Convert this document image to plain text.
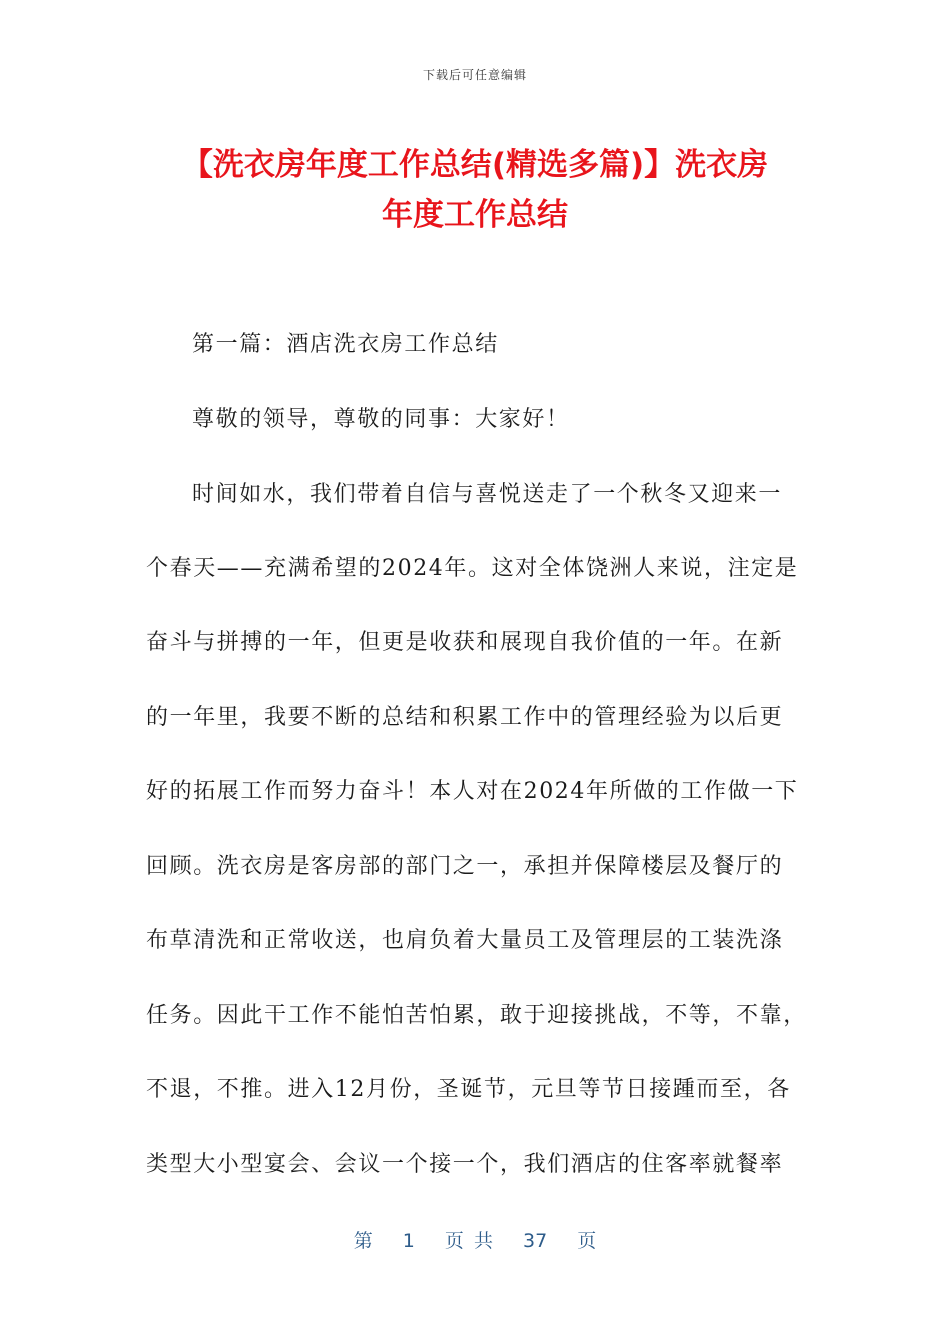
下载后可任意编辑
【洗衣房年度工作总结(精选多篇)】洗衣房
年度工作总结
第一篇：酒店洗衣房工作总结
尊敬的领导，尊敬的同事：大家好！
时间如水，我们带着自信与喜悦送走了一个秋冬又迎来一
个春天——充满希望的2024年。这对全体饶洲人来说，注定是
奋斗与拼搏的一年，但更是收获和展现自我价值的一年。在新
的一年里，我要不断的总结和积累工作中的管理经验为以后更
好的拓展工作而努力奋斗！本人对在2024年所做的工作做一下
回顾。洗衣房是客房部的部门之一，承担并保障楼层及餐厅的
布草清洗和正常收送，也肩负着大量员工及管理层的工装洗涤
任务。因此干工作不能怕苦怕累，敢于迎接挑战，不等，不靠，
不退，不推。进入12月份，圣诞节，元旦等节日接踵而至，各
类型大小型宴会、会议一个接一个，我们酒店的住客率就餐率
第 1 页 共 37 页
